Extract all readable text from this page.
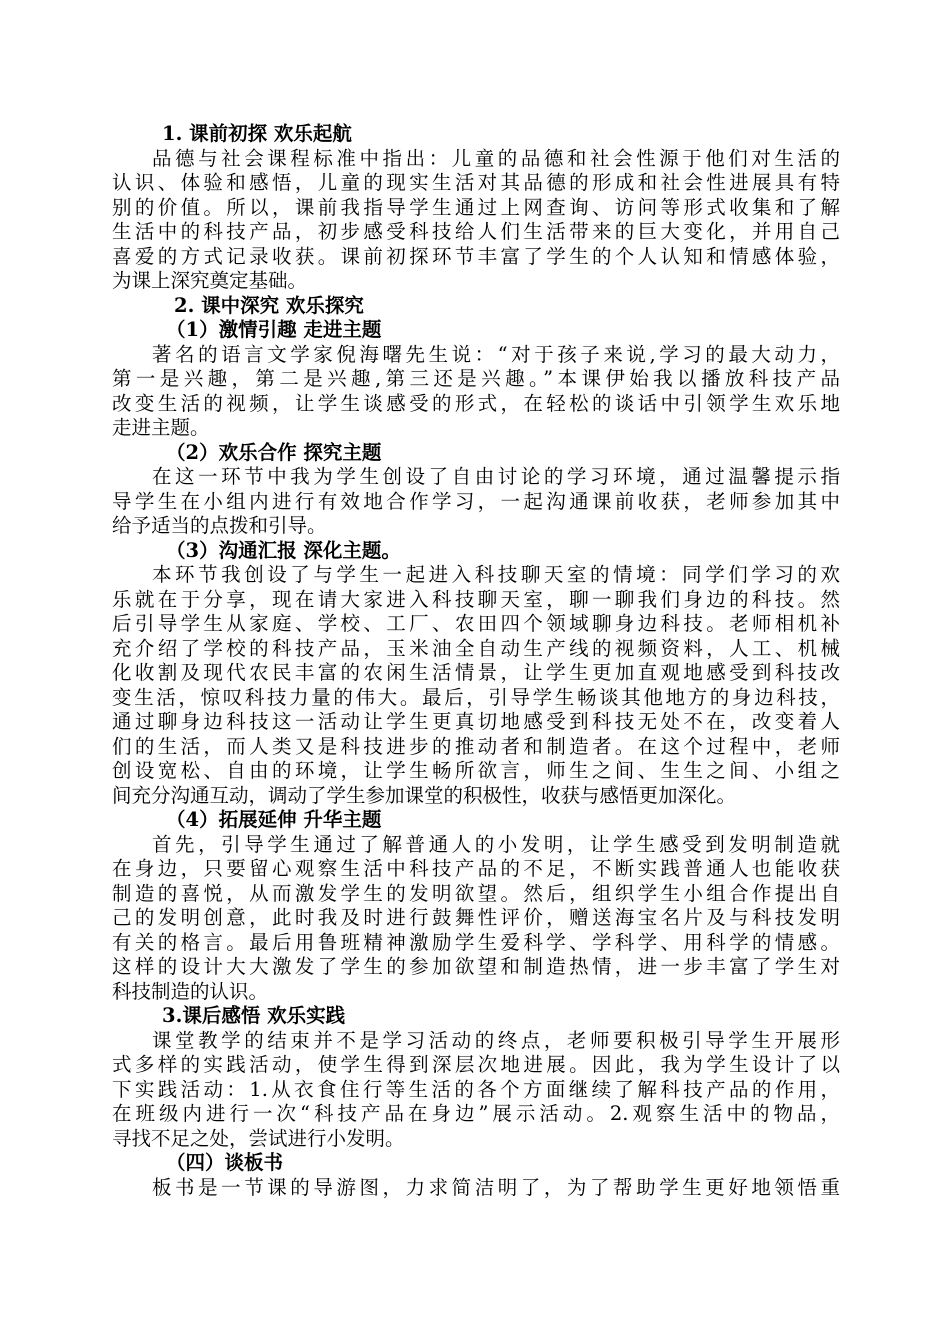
1. 课前初探 欢乐起航
品德与社会课程标准中指出：儿童的品德和社会性源于他们对生活的
认识、体验和感悟，儿童的现实生活对其品德的形成和社会性进展具有特
别的价值。所以，课前我指导学生通过上网查询、访问等形式收集和了解
生活中的科技产品，初步感受科技给人们生活带来的巨大变化，并用自己
喜爱的方式记录收获。课前初探环节丰富了学生的个人认知和情感体验，
为课上深究奠定基础。
2. 课中深究 欢乐探究
（1）激情引趣 走进主题
著名的语言文学家倪海曙先生说：“对于孩子来说,学习的最大动力，
第一是兴趣，第二是兴趣,第三还是兴趣。”本课伊始我以播放科技产品
改变生活的视频，让学生谈感受的形式，在轻松的谈话中引领学生欢乐地
走进主题。
（2）欢乐合作 探究主题
在这一环节中我为学生创设了自由讨论的学习环境，通过温馨提示指
导学生在小组内进行有效地合作学习，一起沟通课前收获，老师参加其中
给予适当的点拨和引导。
（3）沟通汇报 深化主题。
本环节我创设了与学生一起进入科技聊天室的情境：同学们学习的欢
乐就在于分享，现在请大家进入科技聊天室，聊一聊我们身边的科技。然
后引导学生从家庭、学校、工厂、农田四个领域聊身边科技。老师相机补
充介绍了学校的科技产品，玉米油全自动生产线的视频资料，人工、机械
化收割及现代农民丰富的农闲生活情景，让学生更加直观地感受到科技改
变生活，惊叹科技力量的伟大。最后，引导学生畅谈其他地方的身边科技，
通过聊身边科技这一活动让学生更真切地感受到科技无处不在，改变着人
们的生活，而人类又是科技进步的推动者和制造者。在这个过程中，老师
创设宽松、自由的环境，让学生畅所欲言，师生之间、生生之间、小组之
间充分沟通互动，调动了学生参加课堂的积极性，收获与感悟更加深化。
（4）拓展延伸 升华主题
首先，引导学生通过了解普通人的小发明，让学生感受到发明制造就
在身边，只要留心观察生活中科技产品的不足，不断实践普通人也能收获
制造的喜悦，从而激发学生的发明欲望。然后，组织学生小组合作提出自
己的发明创意，此时我及时进行鼓舞性评价，赠送海宝名片及与科技发明
有关的格言。最后用鲁班精神激励学生爱科学、学科学、用科学的情感。
这样的设计大大激发了学生的参加欲望和制造热情，进一步丰富了学生对
科技制造的认识。
3.课后感悟 欢乐实践
课堂教学的结束并不是学习活动的终点，老师要积极引导学生开展形
式多样的实践活动，使学生得到深层次地进展。因此，我为学生设计了以
下实践活动：1.从衣食住行等生活的各个方面继续了解科技产品的作用，
在班级内进行一次“科技产品在身边”展示活动。2.观察生活中的物品，
寻找不足之处，尝试进行小发明。
（四）谈板书
板书是一节课的导游图，力求简洁明了，为了帮助学生更好地领悟重
